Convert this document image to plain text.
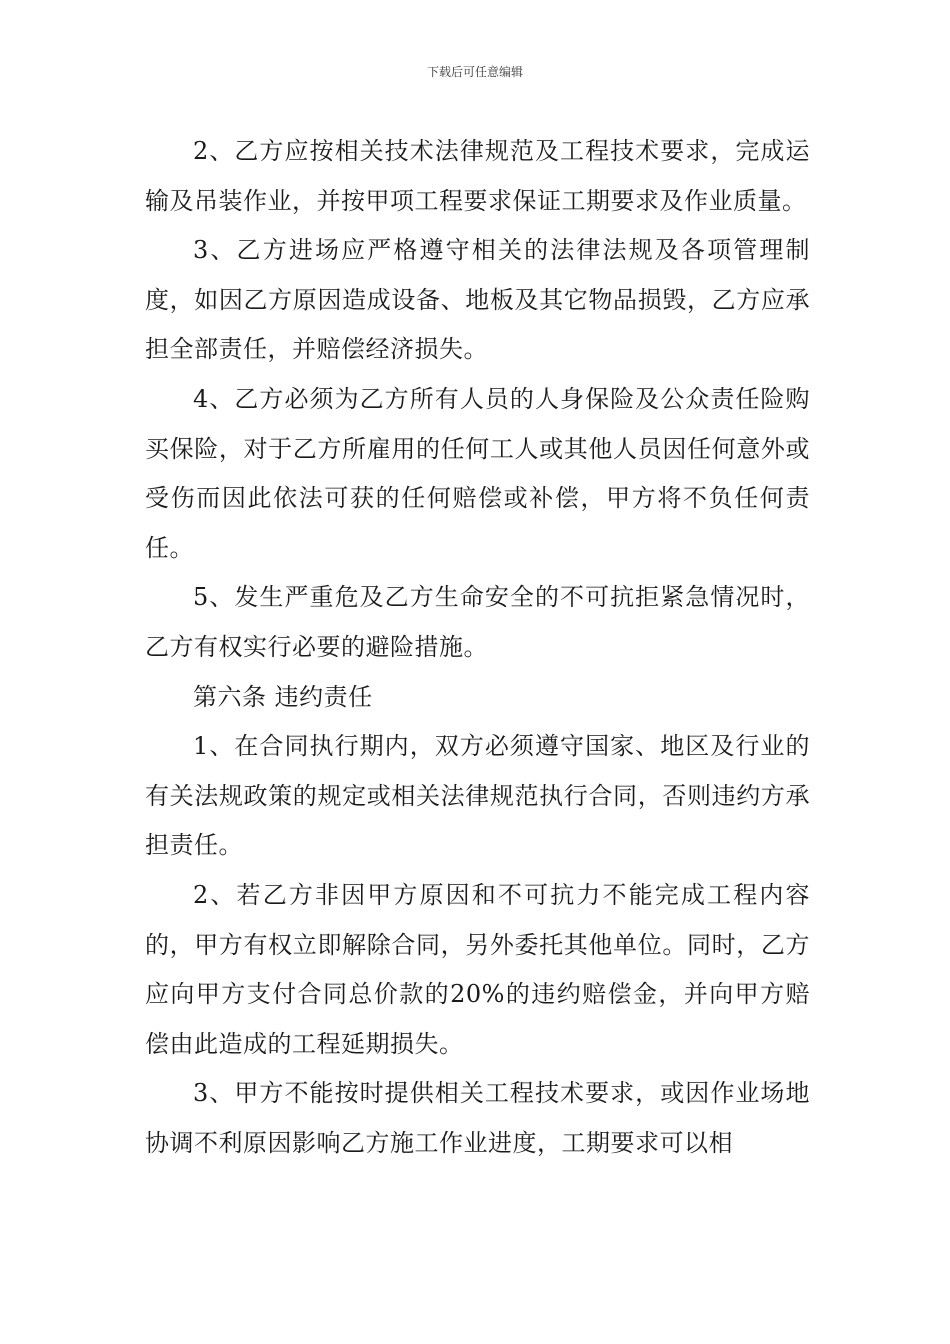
下载后可任意编辑

2、乙方应按相关技术法律规范及工程技术要求，完成运输及吊装作业，并按甲项工程要求保证工期要求及作业质量。

3、乙方进场应严格遵守相关的法律法规及各项管理制度，如因乙方原因造成设备、地板及其它物品损毁，乙方应承担全部责任，并赔偿经济损失。

4、乙方必须为乙方所有人员的人身保险及公众责任险购买保险，对于乙方所雇用的任何工人或其他人员因任何意外或受伤而因此依法可获的任何赔偿或补偿，甲方将不负任何责任。

5、发生严重危及乙方生命安全的不可抗拒紧急情况时，乙方有权实行必要的避险措施。

第六条 违约责任

1、在合同执行期内，双方必须遵守国家、地区及行业的有关法规政策的规定或相关法律规范执行合同，否则违约方承担责任。

2、若乙方非因甲方原因和不可抗力不能完成工程内容的，甲方有权立即解除合同，另外委托其他单位。同时，乙方应向甲方支付合同总价款的20%的违约赔偿金，并向甲方赔偿由此造成的工程延期损失。

3、甲方不能按时提供相关工程技术要求，或因作业场地协调不利原因影响乙方施工作业进度，工期要求可以相
